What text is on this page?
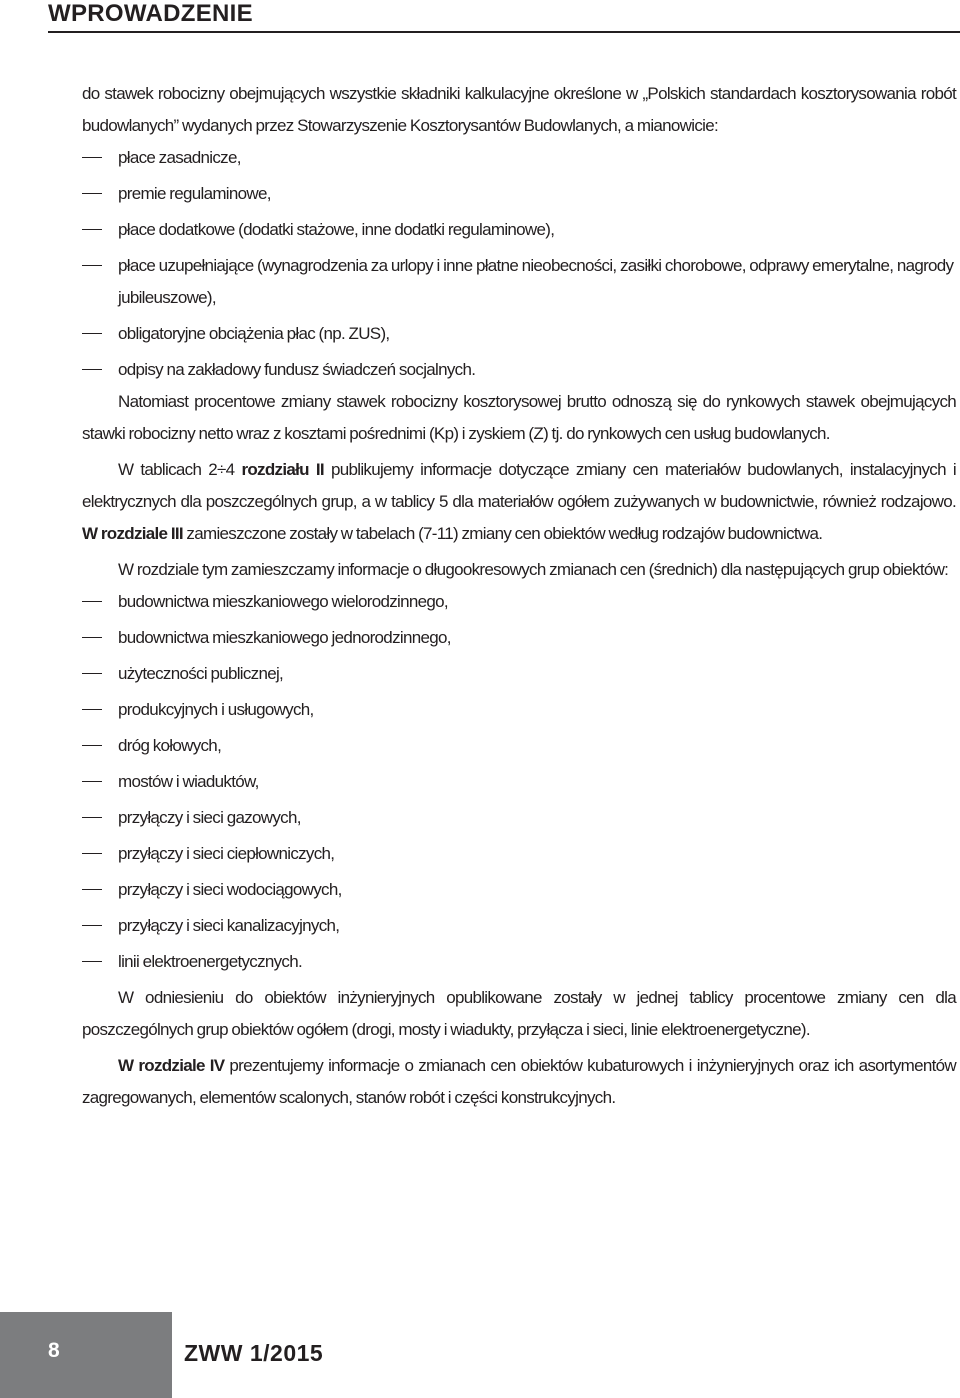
WPROWADZENIE

do stawek robocizny obejmujących wszystkie składniki kalkulacyjne określone w „Polskich standardach kosztorysowania robót budowlanych” wydanych przez Stowarzyszenie Kosztorysantów Budowlanych, a mianowicie:

płace zasadnicze,
premie regulaminowe,
płace dodatkowe (dodatki stażowe, inne dodatki regulaminowe),
płace uzupełniające (wynagrodzenia za urlopy i inne płatne nieobecności, zasiłki chorobowe, odprawy emerytalne, nagrody jubileuszowe),
obligatoryjne obciążenia płac (np. ZUS),
odpisy na zakładowy fundusz świadczeń socjalnych.

Natomiast procentowe zmiany stawek robocizny kosztorysowej brutto odnoszą się do rynkowych stawek obejmujących stawki robocizny netto wraz z kosztami pośrednimi (Kp) i zyskiem (Z) tj. do rynkowych cen usług budowlanych.

W tablicach 2÷4 rozdziału II publikujemy informacje dotyczące zmiany cen materiałów budowlanych, instalacyjnych i elektrycznych dla poszczególnych grup, a w tablicy 5 dla materiałów ogółem zużywanych w budownictwie, również rodzajowo. W rozdziale III zamieszczone zostały w tabelach (7-11) zmiany cen obiektów według rodzajów budownictwa.

W rozdziale tym zamieszczamy informacje o długookresowych zmianach cen (średnich) dla następujących grup obiektów:

budownictwa mieszkaniowego wielorodzinnego,
budownictwa mieszkaniowego jednorodzinnego,
użyteczności publicznej,
produkcyjnych i usługowych,
dróg kołowych,
mostów i wiaduktów,
przyłączy i sieci gazowych,
przyłączy i sieci ciepłowniczych,
przyłączy i sieci wodociągowych,
przyłączy i sieci kanalizacyjnych,
linii elektroenergetycznych.

W odniesieniu do obiektów inżynieryjnych opublikowane zostały w jednej tablicy procentowe zmiany cen dla poszczególnych grup obiektów ogółem (drogi, mosty i wiadukty, przyłącza i sieci, linie elektroenergetyczne).

W rozdziale IV prezentujemy informacje o zmianach cen obiektów kubaturowych i inżynieryjnych oraz ich asortymentów zagregowanych, elementów scalonych, stanów robót i części konstrukcyjnych.

8	ZWW 1/2015
